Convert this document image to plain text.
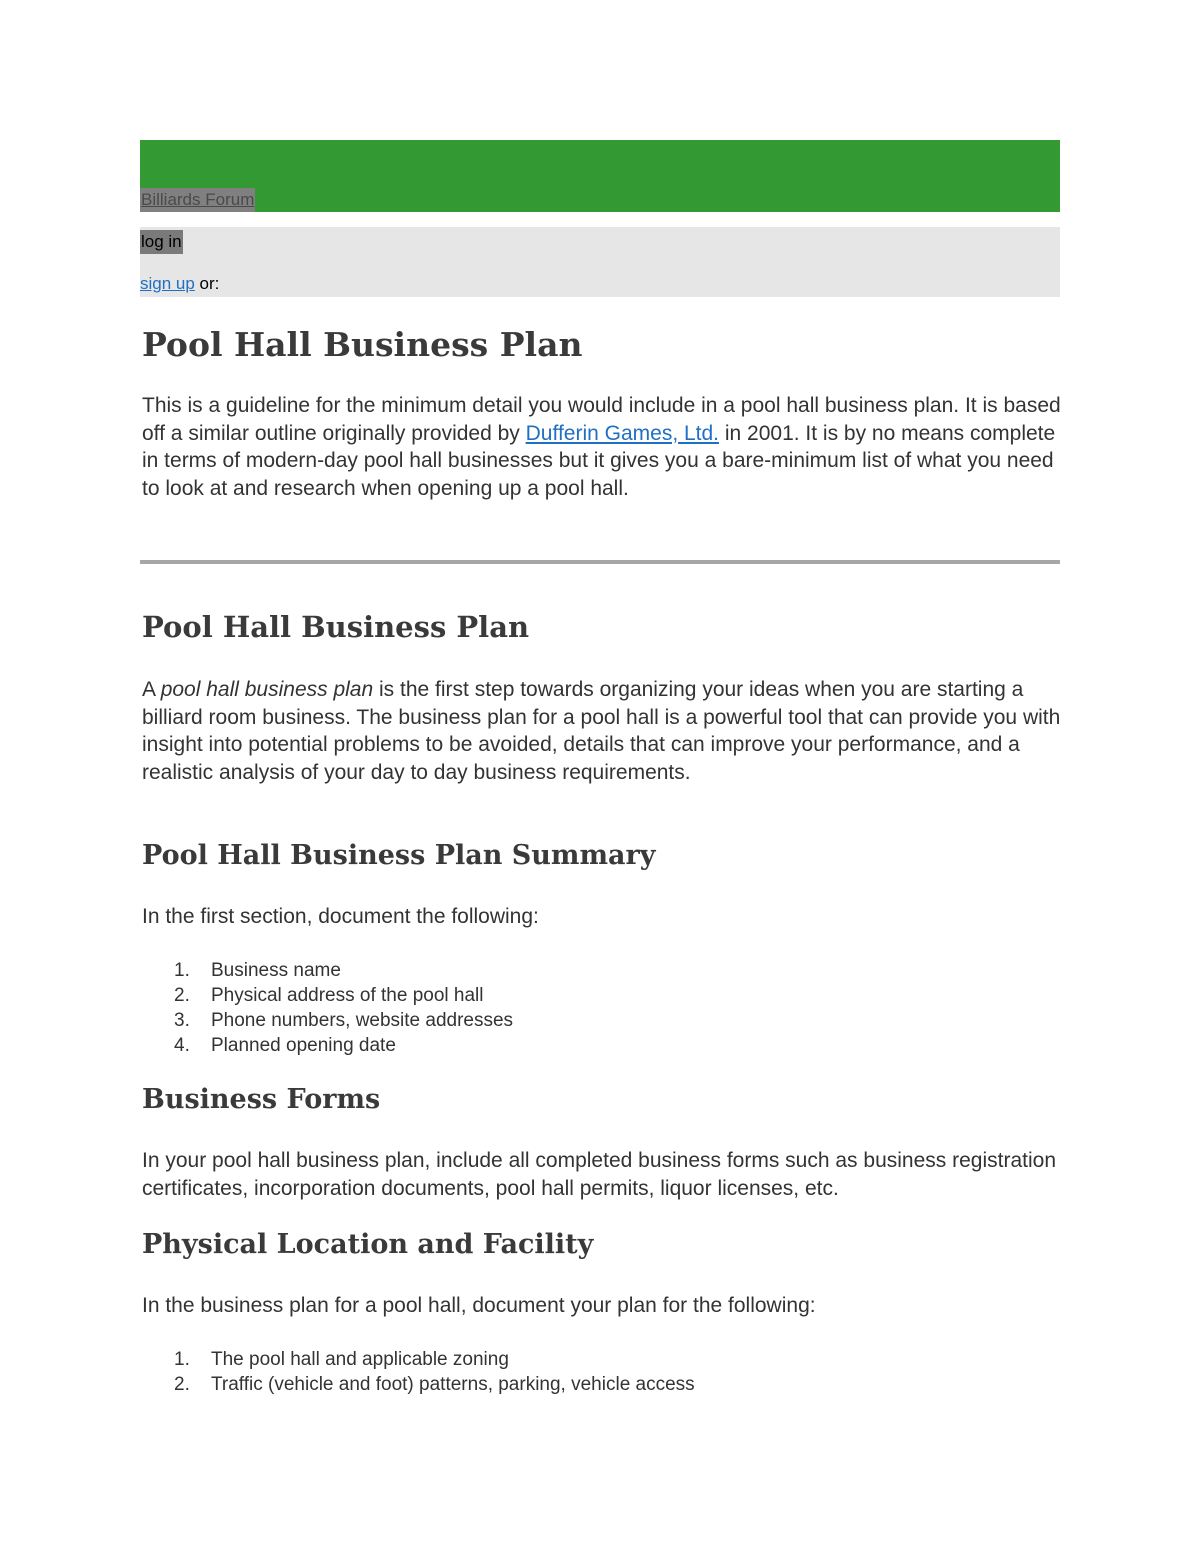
Billiards Forum
log in
sign up or:
Pool Hall Business Plan

This is a guideline for the minimum detail you would include in a pool hall business plan. It is based off a similar outline originally provided by Dufferin Games, Ltd. in 2001. It is by no means complete in terms of modern-day pool hall businesses but it gives you a bare-minimum list of what you need to look at and research when opening up a pool hall.

Pool Hall Business Plan

A pool hall business plan is the first step towards organizing your ideas when you are starting a billiard room business. The business plan for a pool hall is a powerful tool that can provide you with insight into potential problems to be avoided, details that can improve your performance, and a realistic analysis of your day to day business requirements.

Pool Hall Business Plan Summary

In the first section, document the following:

1. Business name
2. Physical address of the pool hall
3. Phone numbers, website addresses
4. Planned opening date
Business Forms

In your pool hall business plan, include all completed business forms such as business registration certificates, incorporation documents, pool hall permits, liquor licenses, etc.

Physical Location and Facility

In the business plan for a pool hall, document your plan for the following:

1. The pool hall and applicable zoning
2. Traffic (vehicle and foot) patterns, parking, vehicle access
